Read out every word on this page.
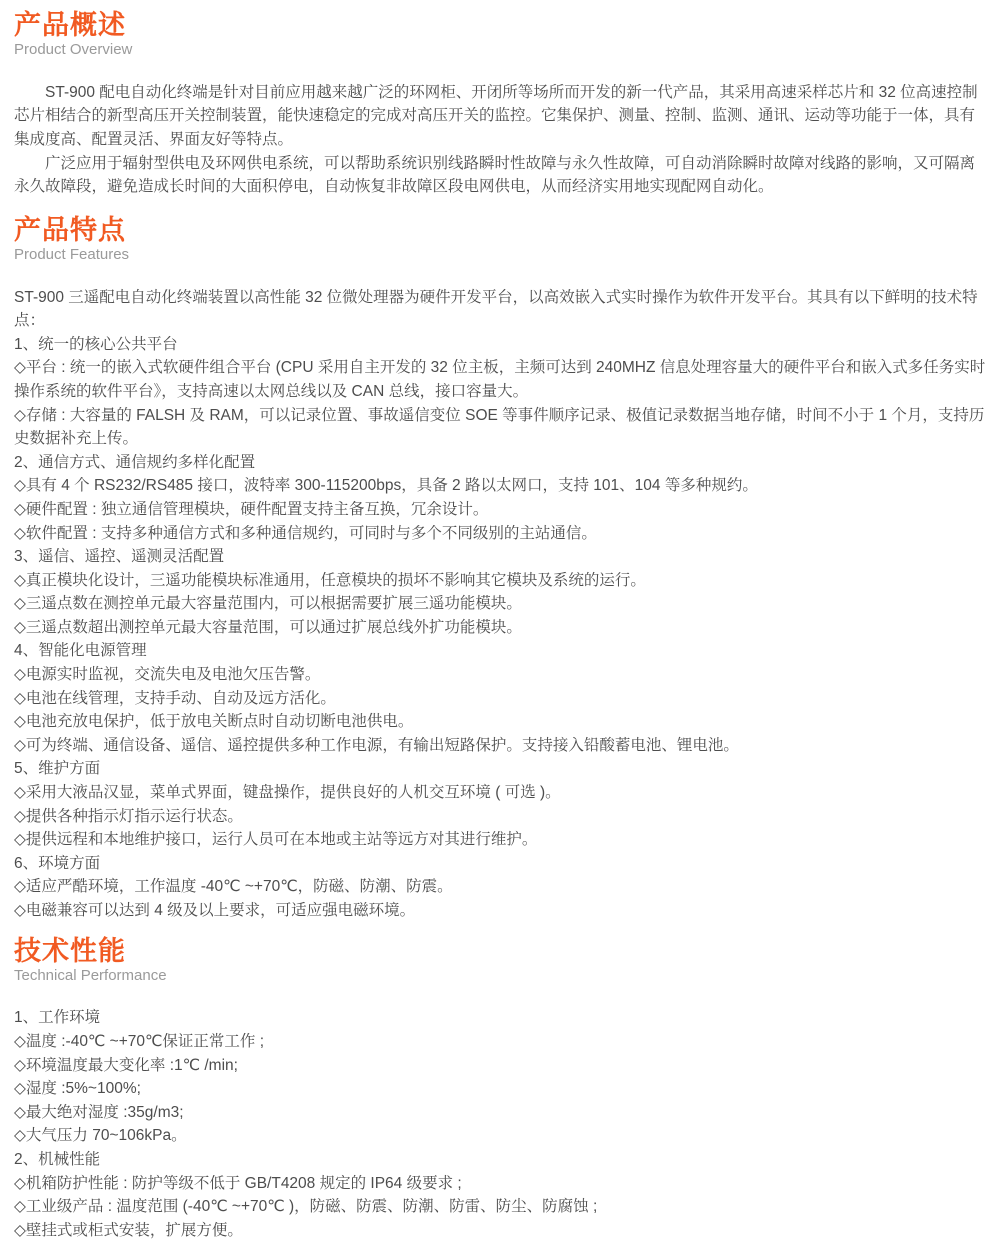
产品概述

Product Overview

ST-900 配电自动化终端是针对目前应用越来越广泛的环网柜、开闭所等场所而开发的新一代产品，其采用高速采样芯片和 32 位高速控制芯片相结合的新型高压开关控制装置，能快速稳定的完成对高压开关的监控。它集保护、测量、控制、监测、通讯、运动等功能于一体，具有集成度高、配置灵活、界面友好等特点。

广泛应用于辐射型供电及环网供电系统，可以帮助系统识别线路瞬时性故障与永久性故障，可自动消除瞬时故障对线路的影响，又可隔离永久故障段，避免造成长时间的大面积停电，自动恢复非故障区段电网供电，从而经济实用地实现配网自动化。

产品特点

Product Features

ST-900 三遥配电自动化终端装置以高性能 32 位微处理器为硬件开发平台，以高效嵌入式实时操作为软件开发平台。其具有以下鲜明的技术特点：

1、统一的核心公共平台

◇平台 : 统一的嵌入式软硬件组合平台 (CPU 采用自主开发的 32 位主板，主频可达到 240MHZ 信息处理容量大的硬件平台和嵌入式多任务实时操作系统的软件平台》，支持高速以太网总线以及 CAN 总线，接口容量大。

◇存储 : 大容量的 FALSH 及 RAM，可以记录位置、事故遥信变位 SOE 等事件顺序记录、极值记录数据当地存储，时间不小于 1 个月，支持历史数据补充上传。

2、通信方式、通信规约多样化配置

◇具有 4 个 RS232/RS485 接口，波特率 300-115200bps，具备 2 路以太网口，支持 101、104 等多种规约。

◇硬件配置 : 独立通信管理模块，硬件配置支持主备互换，冗余设计。

◇软件配置 : 支持多种通信方式和多种通信规约，可同时与多个不同级别的主站通信。

3、遥信、遥控、遥测灵活配置

◇真正模块化设计，三遥功能模块标准通用，任意模块的损坏不影响其它模块及系统的运行。

◇三遥点数在测控单元最大容量范围内，可以根据需要扩展三遥功能模块。

◇三遥点数超出测控单元最大容量范围，可以通过扩展总线外扩功能模块。

4、智能化电源管理

◇电源实时监视，交流失电及电池欠压告警。

◇电池在线管理，支持手动、自动及远方活化。

◇电池充放电保护，低于放电关断点时自动切断电池供电。

◇可为终端、通信设备、遥信、遥控提供多种工作电源，有输出短路保护。支持接入铅酸蓄电池、锂电池。

5、维护方面

◇采用大液品汉显，菜单式界面，键盘操作，提供良好的人机交互环境 ( 可选 )。

◇提供各种指示灯指示运行状态。

◇提供远程和本地维护接口，运行人员可在本地或主站等远方对其进行维护。

6、环境方面

◇适应严酷环境，工作温度 -40℃ ~+70℃，防磁、防潮、防震。

◇电磁兼容可以达到 4 级及以上要求，可适应强电磁环境。

技术性能

Technical Performance

1、工作环境

◇温度 :-40℃ ~+70℃保证正常工作 ;

◇环境温度最大变化率 :1℃ /min;

◇湿度 :5%~100%;

◇最大绝对湿度 :35g/m3;

◇大气压力 70~106kPa。

2、机械性能

◇机箱防护性能 : 防护等级不低于 GB/T4208 规定的 IP64 级要求 ;

◇工业级产品 : 温度范围 (-40℃ ~+70℃ )，防磁、防震、防潮、防雷、防尘、防腐蚀 ;

◇壁挂式或柜式安装，扩展方便。
